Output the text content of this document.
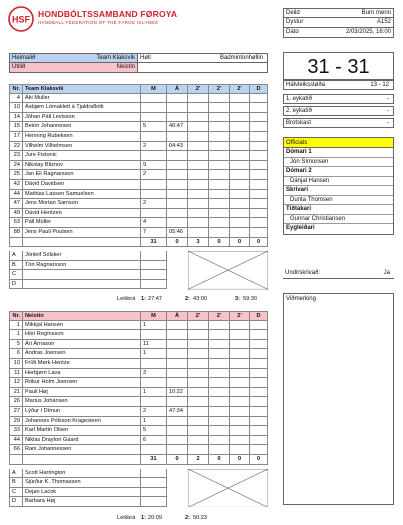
HSF
HONDBÓLTSSAMBAND FØROYA
HANDBALL FEDERATION OF THE FAROE ISLANDS
Deild	Burn menn
Dystur	A152
Dato	2/03/2025, 16:00
Heimalið	Team Klaksvík Høll	Badmintonhøllin
Útilið	Neistin	31 - 31
Hálvleiksstøða	13 - 12
1. eykatíð	-
2. eykatíð	-
Brotskast	-
Officials
Dómari 1
Jón Símonsen
Dómari 2
Dánjal Hansen
Skrivari
Durita Thomsen
Tíðtakari
Gunnar Christiansen
Eygleiðari
Undirskrivað:	Ja
Viðmerking
Nr. Team Klaksvík	M	Á	2'	2'	2'	D
4 Áki Muller
10 Ásbjørn Lómaklett á Tjaldraflotti
14 Jóhan Páll Levisson
15 Beinir Johannesen	5	40:47
17 Henning Rubeksen
22 Vilhelm Vilhelmsen	2	04:43
23 Jure Fistonic
24 Nikolay Bliznov	9
25 Jan Eli Ragnarsson	2
42 Dávið Davidsen
44 Mathias Lassen Samuelsen
47 Jens Mortan Samson	2
49 Dávid Hentzen
63 Páll Müller	4
88 Jens Pauli Poulsen	7	05:46
31	0	3	0	0	0
A	Jónleif Sólsker
B	Tóri Ragnarsson
C
D
Leikbrá 1: 27:47	2: 43:00	3: 59:30
Nr. Neistin	M	Á	2'	2'	2'	D
1 Mikkjal Hansen	1
1 Hóri Regínsson
5 Ári Árnason	11
6 Andras Joensen	1
10 Fríði Mørk Hentze
11 Herbjørn Lava	3
12 Rókur Holm Joensen
21 Pauli Høj	1	10:22
26 Marius Johansen
27 Lýður í Dímun	2	47:34
29 Johannes Pólsson Kragesteen	1
33 Karl Martin Olsen	5
44 Niklas Drayton Gaard	6
66 Rani Johannessen
31	0	2	0	0	0
A	Scott Harrington
B	Sjúrður K. Thomassen
C	Dejan Lacok
D	Barbara Høj
Leikbrá 1: 20:09	2: 50:23
